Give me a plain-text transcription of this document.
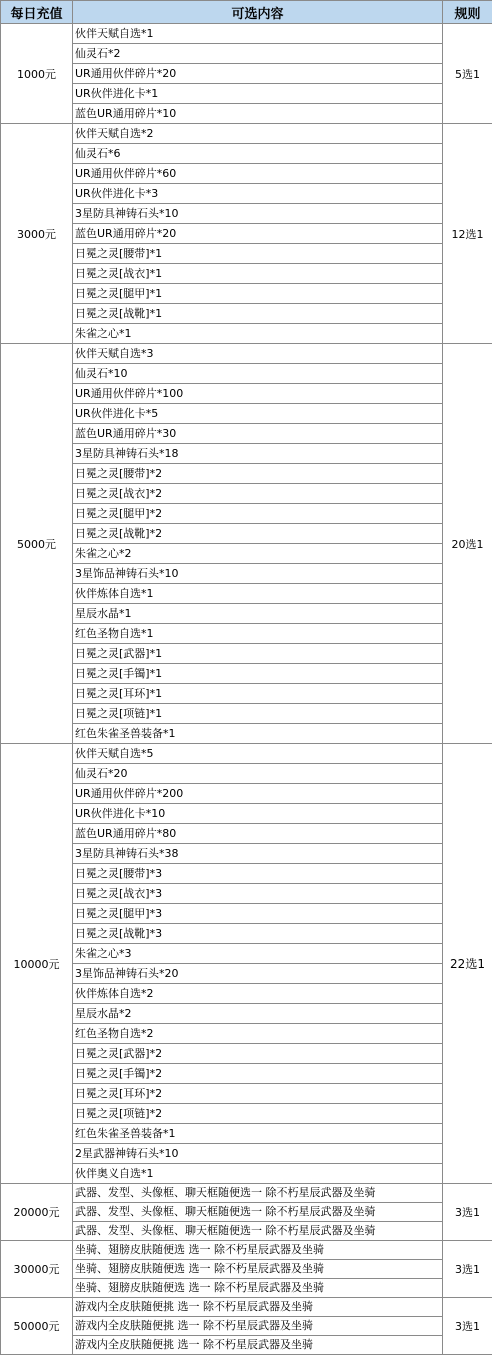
每日充值	可选内容	规则
1000元	伙伴天赋自选*1	5选1
	仙灵石*2	
	UR通用伙伴碎片*20	
	UR伙伴进化卡*1	
	蓝色UR通用碎片*10	
3000元	伙伴天赋自选*2	12选1
	仙灵石*6	
	UR通用伙伴碎片*60	
	UR伙伴进化卡*3	
	3星防具神铸石头*10	
	蓝色UR通用碎片*20	
	日冕之灵[腰带]*1	
	日冕之灵[战衣]*1	
	日冕之灵[腿甲]*1	
	日冕之灵[战靴]*1	
	朱雀之心*1	
5000元	伙伴天赋自选*3	20选1
	仙灵石*10	
	UR通用伙伴碎片*100	
	UR伙伴进化卡*5	
	蓝色UR通用碎片*30	
	3星防具神铸石头*18	
	日冕之灵[腰带]*2	
	日冕之灵[战衣]*2	
	日冕之灵[腿甲]*2	
	日冕之灵[战靴]*2	
	朱雀之心*2	
	3星饰品神铸石头*10	
	伙伴炼体自选*1	
	星辰水晶*1	
	红色圣物自选*1	
	日冕之灵[武器]*1	
	日冕之灵[手镯]*1	
	日冕之灵[耳环]*1	
	日冕之灵[项链]*1	
	红色朱雀圣兽装备*1	
10000元	伙伴天赋自选*5	22选1
	仙灵石*20	
	UR通用伙伴碎片*200	
	UR伙伴进化卡*10	
	蓝色UR通用碎片*80	
	3星防具神铸石头*38	
	日冕之灵[腰带]*3	
	日冕之灵[战衣]*3	
	日冕之灵[腿甲]*3	
	日冕之灵[战靴]*3	
	朱雀之心*3	
	3星饰品神铸石头*20	
	伙伴炼体自选*2	
	星辰水晶*2	
	红色圣物自选*2	
	日冕之灵[武器]*2	
	日冕之灵[手镯]*2	
	日冕之灵[耳环]*2	
	日冕之灵[项链]*2	
	红色朱雀圣兽装备*1	
	2星武器神铸石头*10	
	伙伴奥义自选*1	
20000元	武器、发型、头像框、聊天框随便选一 除不朽星辰武器及坐骑	3选1
	武器、发型、头像框、聊天框随便选一 除不朽星辰武器及坐骑	
	武器、发型、头像框、聊天框随便选一 除不朽星辰武器及坐骑	
30000元	坐骑、翅膀皮肤随便选 选一 除不朽星辰武器及坐骑	3选1
	坐骑、翅膀皮肤随便选 选一 除不朽星辰武器及坐骑	
	坐骑、翅膀皮肤随便选 选一 除不朽星辰武器及坐骑	
50000元	游戏内全皮肤随便挑 选一 除不朽星辰武器及坐骑	3选1
	游戏内全皮肤随便挑 选一 除不朽星辰武器及坐骑	
	游戏内全皮肤随便挑 选一 除不朽星辰武器及坐骑	
